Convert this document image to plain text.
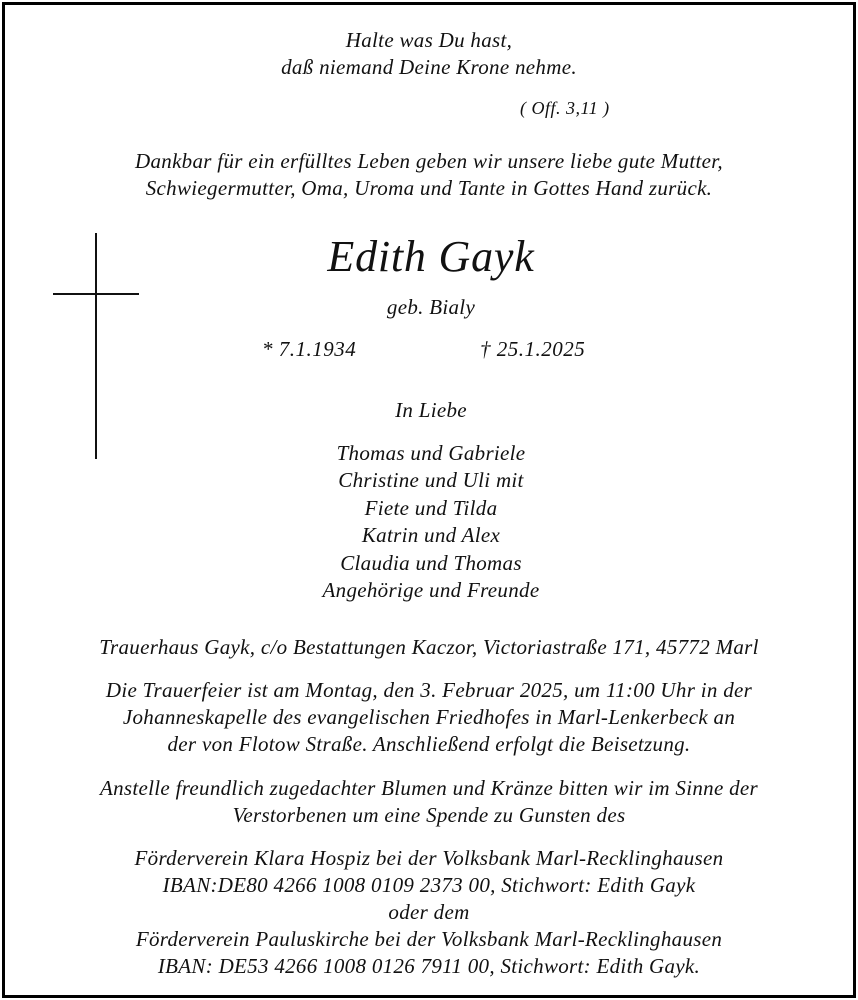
Halte was Du hast,
daß niemand Deine Krone nehme.
( Off. 3,11 )
Dankbar für ein erfülltes Leben geben wir unsere liebe gute Mutter,
Schwiegermutter, Oma, Uroma und Tante in Gottes Hand zurück.
Edith Gayk
geb. Bialy
* 7.1.1934	† 25.1.2025
In Liebe
Thomas und Gabriele
Christine und Uli mit
Fiete und Tilda
Katrin und Alex
Claudia und Thomas
Angehörige und Freunde
Trauerhaus Gayk, c/o Bestattungen Kaczor, Victoriastraße 171, 45772 Marl
Die Trauerfeier ist am Montag, den 3. Februar 2025, um 11:00 Uhr in der
Johanneskapelle des evangelischen Friedhofes in Marl-Lenkerbeck an
der von Flotow Straße. Anschließend erfolgt die Beisetzung.
Anstelle freundlich zugedachter Blumen und Kränze bitten wir im Sinne der
Verstorbenen um eine Spende zu Gunsten des
Förderverein Klara Hospiz bei der Volksbank Marl-Recklinghausen
IBAN:DE80 4266 1008 0109 2373 00, Stichwort: Edith Gayk
oder dem
Förderverein Pauluskirche bei der Volksbank Marl-Recklinghausen
IBAN: DE53 4266 1008 0126 7911 00, Stichwort: Edith Gayk.
